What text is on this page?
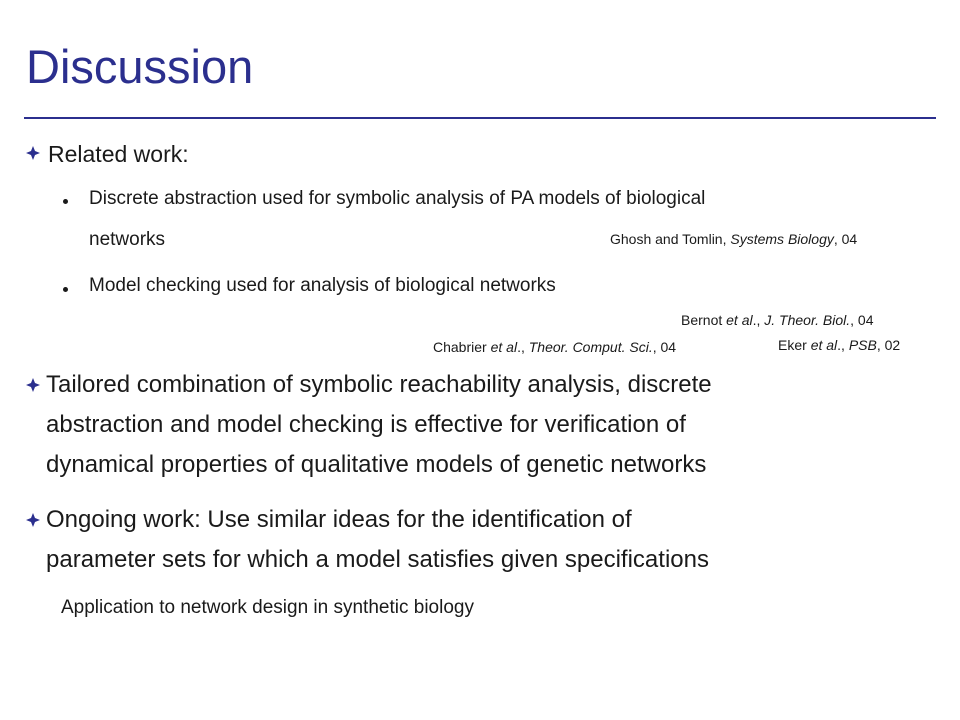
Discussion
Related work:
Discrete abstraction used for symbolic analysis of PA models of biological
networks	Ghosh and Tomlin, Systems Biology, 04
Model checking used for analysis of biological networks
Bernot et al., J. Theor. Biol., 04
Chabrier et al., Theor. Comput. Sci., 04	Eker et al., PSB, 02
Tailored combination of symbolic reachability analysis, discrete
abstraction and model checking is effective for verification of
dynamical properties of qualitative models of genetic networks
Ongoing work: Use similar ideas for the identification of
parameter sets for which a model satisfies given specifications
Application to network design in synthetic biology
